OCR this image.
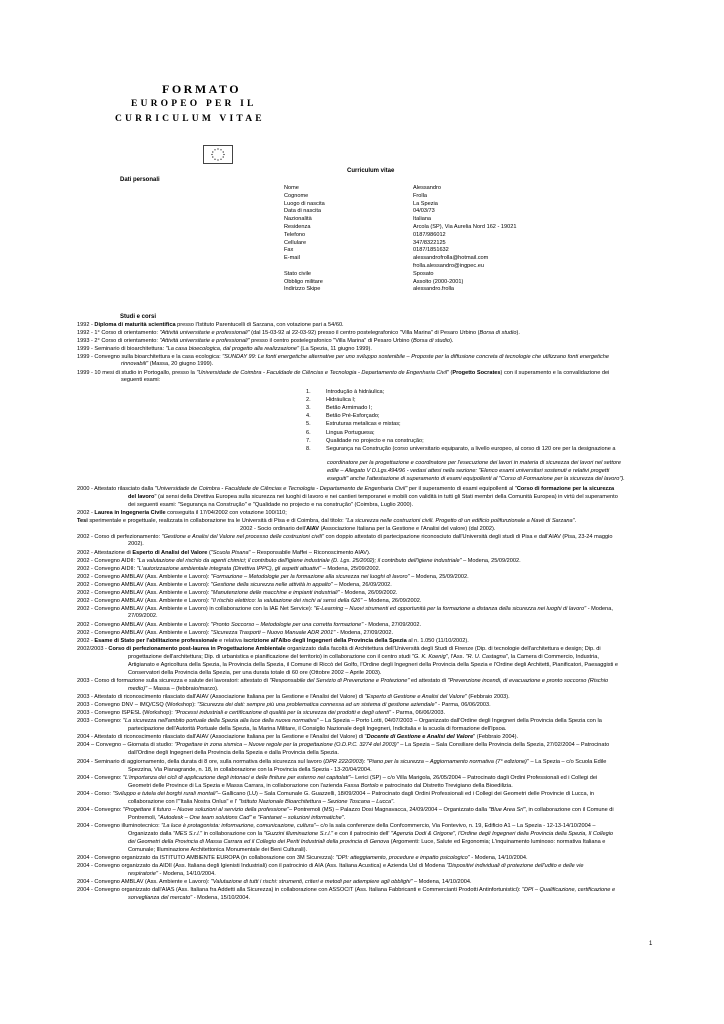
FORMATO
EUROPEO PER IL
CURRICULUM VITAE
Curriculum vitae
Dati personali
Nome	Alessandro
Cognome	Frolla
Luogo di nascita	La Spezia
Data di nascita	04/03/73
Nazionalità	Italiana
Residenza	Arcola (SP), Via Aurelia Nord 162 - 19021
Telefono	0187/986012
Cellulare	347/8322125
Fax	0187/1851632
E-mail	alessandrofrolla@hotmail.com
frolla.alessandro@ingpec.eu
Stato civile	Sposato
Obbligo militare	Assolto (2000-2001)
Indirizzo Skipe	alessandro.frolla
Studi e corsi
1992 - Diploma di maturità scientifica presso l'Istituto Parentucelli di Sarzana, con votazione pari a 54/60.
1992 - 1° Corso di orientamento: "Attività universitarie e professionali" (dal 15-03-92 al 22-03-92) presso il centro postelegrafonico "Villa Marina" di Pesaro Urbino (Borsa di studio).
1993 - 2° Corso di orientamento: "Attività universitarie e professionali" presso il centro postelegrafonico "Villa Marina" di Pesaro Urbino (Borsa di studio).
1999 - Seminario di bioarchitettura: "La casa bioecologica, dal progetto alla realizzazione" (La Spezia, 11 giugno 1999).
1999 - Convegno sulla bioarchitettura e la casa ecologica: "SUNDAY 99: Le fonti energetiche alternative per uno sviluppo sostenibile – Proposte per la diffusione concreta di tecnologie che utilizzano fonti energetiche
rinnovabili" (Massa, 20 giugno 1999).
1999 - 10 mesi di studio in Portogallo, presso la "Universidade de Coimbra - Faculdade de Ciências e Tecnologia - Departamento de Engenharia Civil" (Progetto Socrates) con il superamento e la convalidazione dei
seguenti esami:
1.	Introdução à hidráulica;
2.	Hidráulica I;
3.	Betão Armimado I;
4.	Betão Pré-Esforçado;
5.	Estruturas metalicas e mistas;
6.	Lingua Portuguesa;
7.	Qualidade no projecto e na construção;
8.	Segurança na Construção (corso universitario equiparato, a livello europeo, al corso di 120 ore per la designazione a
coordinatore per la progettazione e coordinatore per l'esecuzione dei lavori in materia di sicurezza dei lavori nel settore
edile – Allegato V D.Lgs.494/96 - vedasi attesi nella sezione: "Elenco esami universitari sostenuti e relativi progetti
eseguiti" anche l'attestazione di superamento di esami equipollenti al "Corso di Formazione per la sicurezza del lavoro").
2000 - Attestato rilasciato dalla "Universidade de Coimbra - Faculdade de Ciências e Tecnologia - Departamento de Engenharia Civil" per il superamento di esami equipollenti al "Corso di formazione per la sicurezza
del lavoro" (ai sensi della Direttiva Europea sulla sicurezza nei luoghi di lavoro e nei cantieri temporanei e mobili con validità in tutti gli Stati membri della Comunità Europea) in virtù del superamento
dei seguenti esami: "Segurança na Construção" e "Qualidade no projecto e na construção" (Coimbra, Luglio 2000).
2002 - Laurea in Ingegneria Civile conseguita il 17/04/2002 con votazione 100/110;
Tesi sperimentale e progettuale, realizzata in collaborazione tra le Università di Pisa e di Coimbra, dal titolo: "La sicurezza nelle costruzioni civili. Progetto di un edificio polifunzionale a Navè di Sarzana".
2002 - Socio ordinario dell'AIAV (Associazione Italiana per la Gestione e l'Analisi del valore) (dal 2002).
2002 - Corso di perfezionamento: "Gestione e Analisi del Valore nel processo delle costruzioni civili" con doppio attestato di partecipazione riconosciuto dall'Università degli studi di Pisa e dall'AIAV (Pisa, 23-24 maggio
2002).
2002 - Attestazione di Esperto di Analisi del Valore ("Scuola Pisana" – Responsabile Maffei – Riconoscimento AIAV).
2002 - Convegno AIDII: "La valutazione del rischio da agenti chimici; il contributo dell'igiene industriale (D. Lgs. 25/2002); il contributo dell'igiene industriale" – Modena, 25/09/2002.
2002 - Convegno AIDII: "L'autorizzazione ambientale integrata (Direttiva IPPC), gli aspetti attuativi" – Modena, 25/09/2002.
2002 - Convegno AMBLAV (Ass. Ambiente e Lavoro): "Formazione – Metodologie per la formazione alla sicurezza nei luoghi di lavoro" – Modena, 25/09/2002.
2002 - Convegno AMBLAV (Ass. Ambiente e Lavoro): "Gestione della sicurezza nelle attività in appalto" – Modena, 26/09/2002.
2002 - Convegno AMBLAV (Ass. Ambiente e Lavoro): "Manutenzione delle macchine e impianti industriali" - Modena, 26/09/2002.
2002 - Convegno AMBLAV (Ass. Ambiente e Lavoro): "Il rischio elettrico: la valutazione dei rischi ai sensi della 626" – Modena, 26/09/2002.
2002 - Convegno AMBLAV (Ass. Ambiente e Lavoro) in collaborazione con la IAE Net Service): "E-Learning – Nuovi strumenti ed opportunità per la formazione a distanza della sicurezza nei luoghi di lavoro" - Modena,
27/09/2002.
2002 - Convegno AMBLAV (Ass. Ambiente e Lavoro): "Pronto Soccorso – Metodologie per una corretta formazione" - Modena, 27/09/2002.
2002 - Convegno AMBLAV (Ass. Ambiente e Lavoro): "Sicurezza Trasporti – Nuovo Manuale ADR 2001" - Modena, 27/09/2002.
2002 - Esame di Stato per l'abilitazione professionale e relativa iscrizione all'Albo degli Ingegneri della Provincia della Spezia al n. 1.050 (11/10/2002).
2002/2003 - Corso di perfezionamento post-laurea in Progettazione Ambientale organizzato dalla facoltà di Architettura dell'Università degli Studi di Firenze (Dip. di tecnologie dell'architettura e design; Dip. di
progettazione dell'architettura; Dip. di urbanistica e pianificazione del territorio) in collaborazione con il centro studi "G. K. Koenig", l'Ass. "R. U. Castagna", la Camera di Commercio, Industria,
Artigianato e Agricoltura della Spezia, la Provincia della Spezia, il Comune di Riccò del Golfo, l'Ordine degli Ingegneri della Provincia della Spezia e l'Ordine degli Architetti, Pianificatori, Paesaggisti e
Conservatori della Provincia della Spezia, per una durata totale di 60 ore (Ottobre 2002 – Aprile 2003).
2003 - Corso di formazione sulla sicurezza e salute dei lavoratori: attestato di "Responsabile del Servizio di Prevenzione e Protezione" ed attestato di "Prevenzione incendi, di evacuazione e pronto soccorso (Rischio
medio)" – Massa – (febbraio/marzo).
2003 - Attestato di riconoscimento rilasciato dall'AIAV (Associazione Italiana per la Gestione e l'Analisi del Valore) di "Esperto di Gestione e Analisi del Valore" (Febbraio 2003).
2003 - Convegno DNV – IMQ/CSQ (Workshop): "Sicurezza dei dati: sempre più una problematica connessa ad un sistema di gestione aziendale" - Parma, 06/06/2003.
2003 - Convegno ISPESL (Workshop): "Processi industriali e certificazione di qualità per la sicurezza dei prodotti e degli utenti" - Parma, 06/06/2003.
2003 - Convegno: "La sicurezza nell'ambito portuale della Spezia alla luce della nuova normativa" – La Spezia – Porto Lotti, 04/07/2003 – Organizzato dall'Ordine degli Ingegneri della Provincia della Spezia con la
partecipazione dell'Autorità Portuale della Spezia, la Marina Militare, il Consiglio Nazionale degli Ingegneri, Indicitalia e la scuola di formazione dell'Ipsoa.
2004 - Attestato di riconoscimento rilasciato dall'AIAV (Associazione Italiana per la Gestione e l'Analisi del Valore) di "Docente di Gestione e Analisi del Valore" (Febbraio 2004).
2004 – Convegno – Giornata di studio: "Progettare in zona sismica – Nuove regole per la progettazione (O.D.P.C. 3274 del 2003)" – La Spezia – Sala Consiliare della Provincia della Spezia, 27/02/2004 – Patrocinato
dall'Ordine degli Ingegneri della Provincia della Spezia e dalla Provincia della Spezia.
2004 - Seminario di aggiornamento, della durata di 8 ore, sulla normativa della sicurezza sul lavoro (DPR 222/2003): "Piano per la sicurezza – Aggiornamento normativa (7° edizione)" – La Spezia – c/o Scuola Edile
Spezzina, Via Pianagrande, n. 18, in collaborazione con la Provincia della Spezia - 13-20/04/2004.
2004 - Convegno: "L'importanza dei cicli di applicazione degli intonaci e delle finiture per esterno nei capitolati"– Lerici (SP) – c/o Villa Marigola, 26/05/2004 – Patrocinato dagli Ordini Professionali ed i Collegi dei
Geometri delle Province di La Spezia e Massa Carrara, in collaborazione con l'azienda Fassa Bortolo e patrocinato dal Distretto Trevigiano della Bioedilizia.
2004 - Corso: "Sviluppo e tutela dei borghi rurali montali"– Gallicano (LU) – Sala Comunale G. Guazzelli, 18/09/2004 – Patrocinato dagli Ordini Professionali ed i Collegi dei Geometri delle Provincie di Lucca, in
collaborazione con l'"Italia Nostra Onlus" e l' "Istituto Nazionale Bioarchitettura – Sezione Toscana – Lucca".
2004 - Convegno: "Progettare il futuro – Nuove soluzioni al servizio della professione"– Pontremoli (MS) – Palazzo Dosi Magnavacca, 24/09/2004 – Organizzato dalla "Blue Area Srl", in collaborazione con il Comune di
Pontremoli, "Autodesk – One team solutions Cad" e "Fantanet – soluzioni informatiche".
2004 - Convegno illuminotecnico: "La luce è protagonista: informazione, comunicazione, cultura"– c/o la sala conferenze della Confcommercio, Via Fontevivo, n. 19, Edificio A1 – La Spezia - 12-13-14/10/2004 –
Organizzato dalla "MES S.r.l." in collaborazione con la "Guzzini illuminazione S.r.l." e con il patrocinio dell' "Agenzia Dodi & Origone", l'Ordine degli Ingegneri della Provincia della Spezia, Il Collegio
dei Geometri della Provincia di Massa Carrara ed il Collegio dei Periti Industriali della provincia di Genova (Argomenti: Luce, Salute ed Ergonomia; L'inquinamento luminoso: normativa Italiana e
Comunale; Illuminazione Architettonica Monumentale dei Beni Culturali).
2004 - Convegno organizzato da ISTITUTO AMBIENTE EUROPA (in collaborazione con 3M Sicurezza): "DPI: atteggiamento, procedure e impatto psicologico" - Modena, 14/10/2004.
2004 - Convegno organizzato da AIDII (Ass. Italiana degli Igienisti Industriali) con il patrocinio di AIA (Ass. Italiana Acustica) e Azienda Usl di Modena "Dispositivi individuali di protezione dell'udito e delle vie
respiratorie" - Modena, 14/10/2004.
2004 - Convegno AMBLAV (Ass. Ambiente e Lavoro): "Valutazione di tutti i rischi: strumenti, criteri e metodi per adempiere agli obblighi" – Modena, 14/10/2004.
2004 - Convegno organizzato dall'AIAS (Ass. Italiana fra Addetti alla Sicurezza) in collaborazione con ASSOCIT (Ass. Italiana Fabbricanti e Commercianti Prodotti Antinfortunistici): "DPI – Qualificazione, certificazione e
sorveglianza del mercato" - Modena, 15/10/2004.
1
